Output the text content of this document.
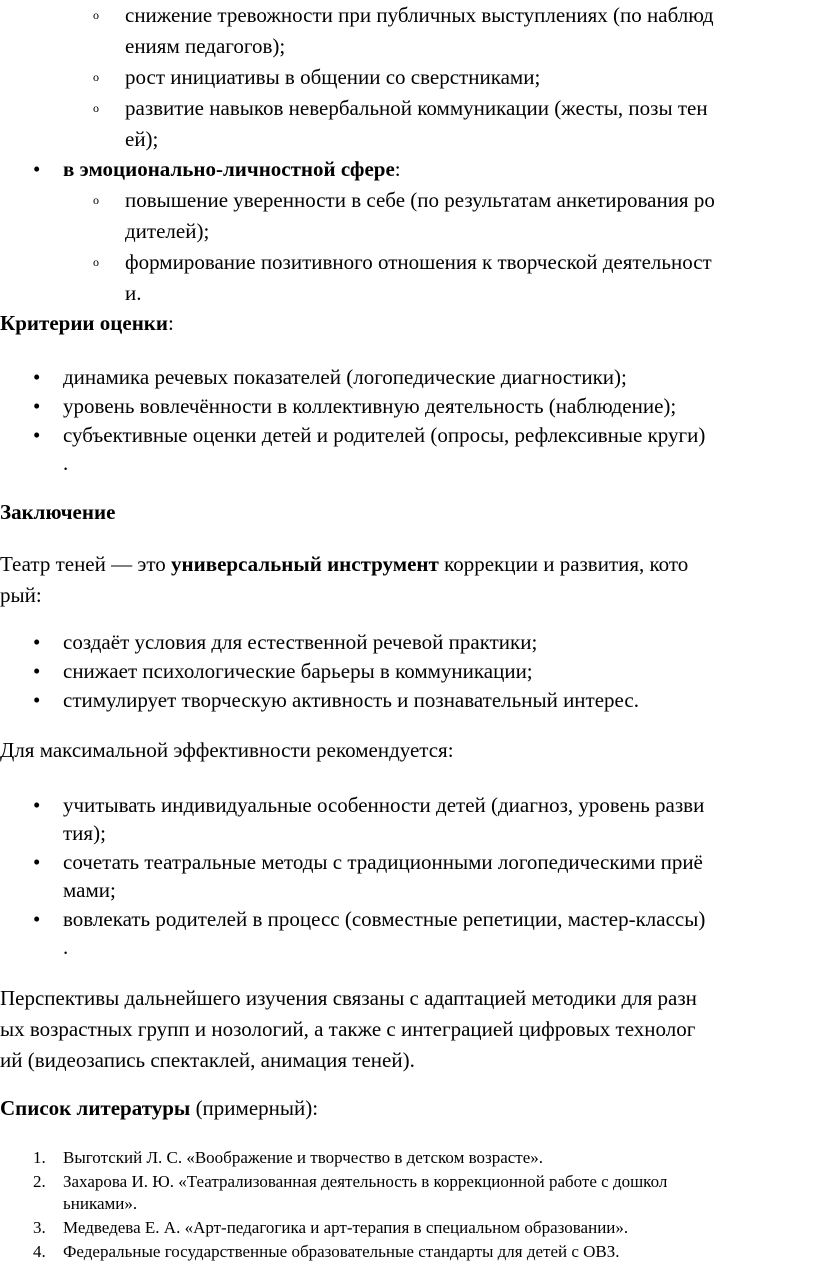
o снижение тревожности при публичных выступлениях (по наблюд
ениям педагогов);
o рост инициативы в общении со сверстниками;
o развитие навыков невербальной коммуникации (жесты, позы тен
ей);
• в эмоционально-личностной сфере:
o повышение уверенности в себе (по результатам анкетирования ро
дителей);
o формирование позитивного отношения к творческой деятельност
и.
Критерии оценки:
• динамика речевых показателей (логопедические диагностики);
• уровень вовлечённости в коллективную деятельность (наблюдение);
• субъективные оценки детей и родителей (опросы, рефлексивные круги)
.
Заключение
Театр теней — это универсальный инструмент коррекции и развития, кото
рый:
• создаёт условия для естественной речевой практики;
• снижает психологические барьеры в коммуникации;
• стимулирует творческую активность и познавательный интерес.
Для максимальной эффективности рекомендуется:
• учитывать индивидуальные особенности детей (диагноз, уровень разви
тия);
• сочетать театральные методы с традиционными логопедическими приё
мами;
• вовлекать родителей в процесс (совместные репетиции, мастер-классы)
.
Перспективы дальнейшего изучения связаны с адаптацией методики для разн
ых возрастных групп и нозологий, а также с интеграцией цифровых технолог
ий (видеозапись спектаклей, анимация теней).
Список литературы (примерный):
1. Выготский Л. С. «Воображение и творчество в детском возрасте».
2. Захарова И. Ю. «Театрализованная деятельность в коррекционной работе с дошкол
ьниками».
3. Медведева Е. А. «Арт-педагогика и арт-терапия в специальном образовании».
4. Федеральные государственные образовательные стандарты для детей с ОВЗ.
